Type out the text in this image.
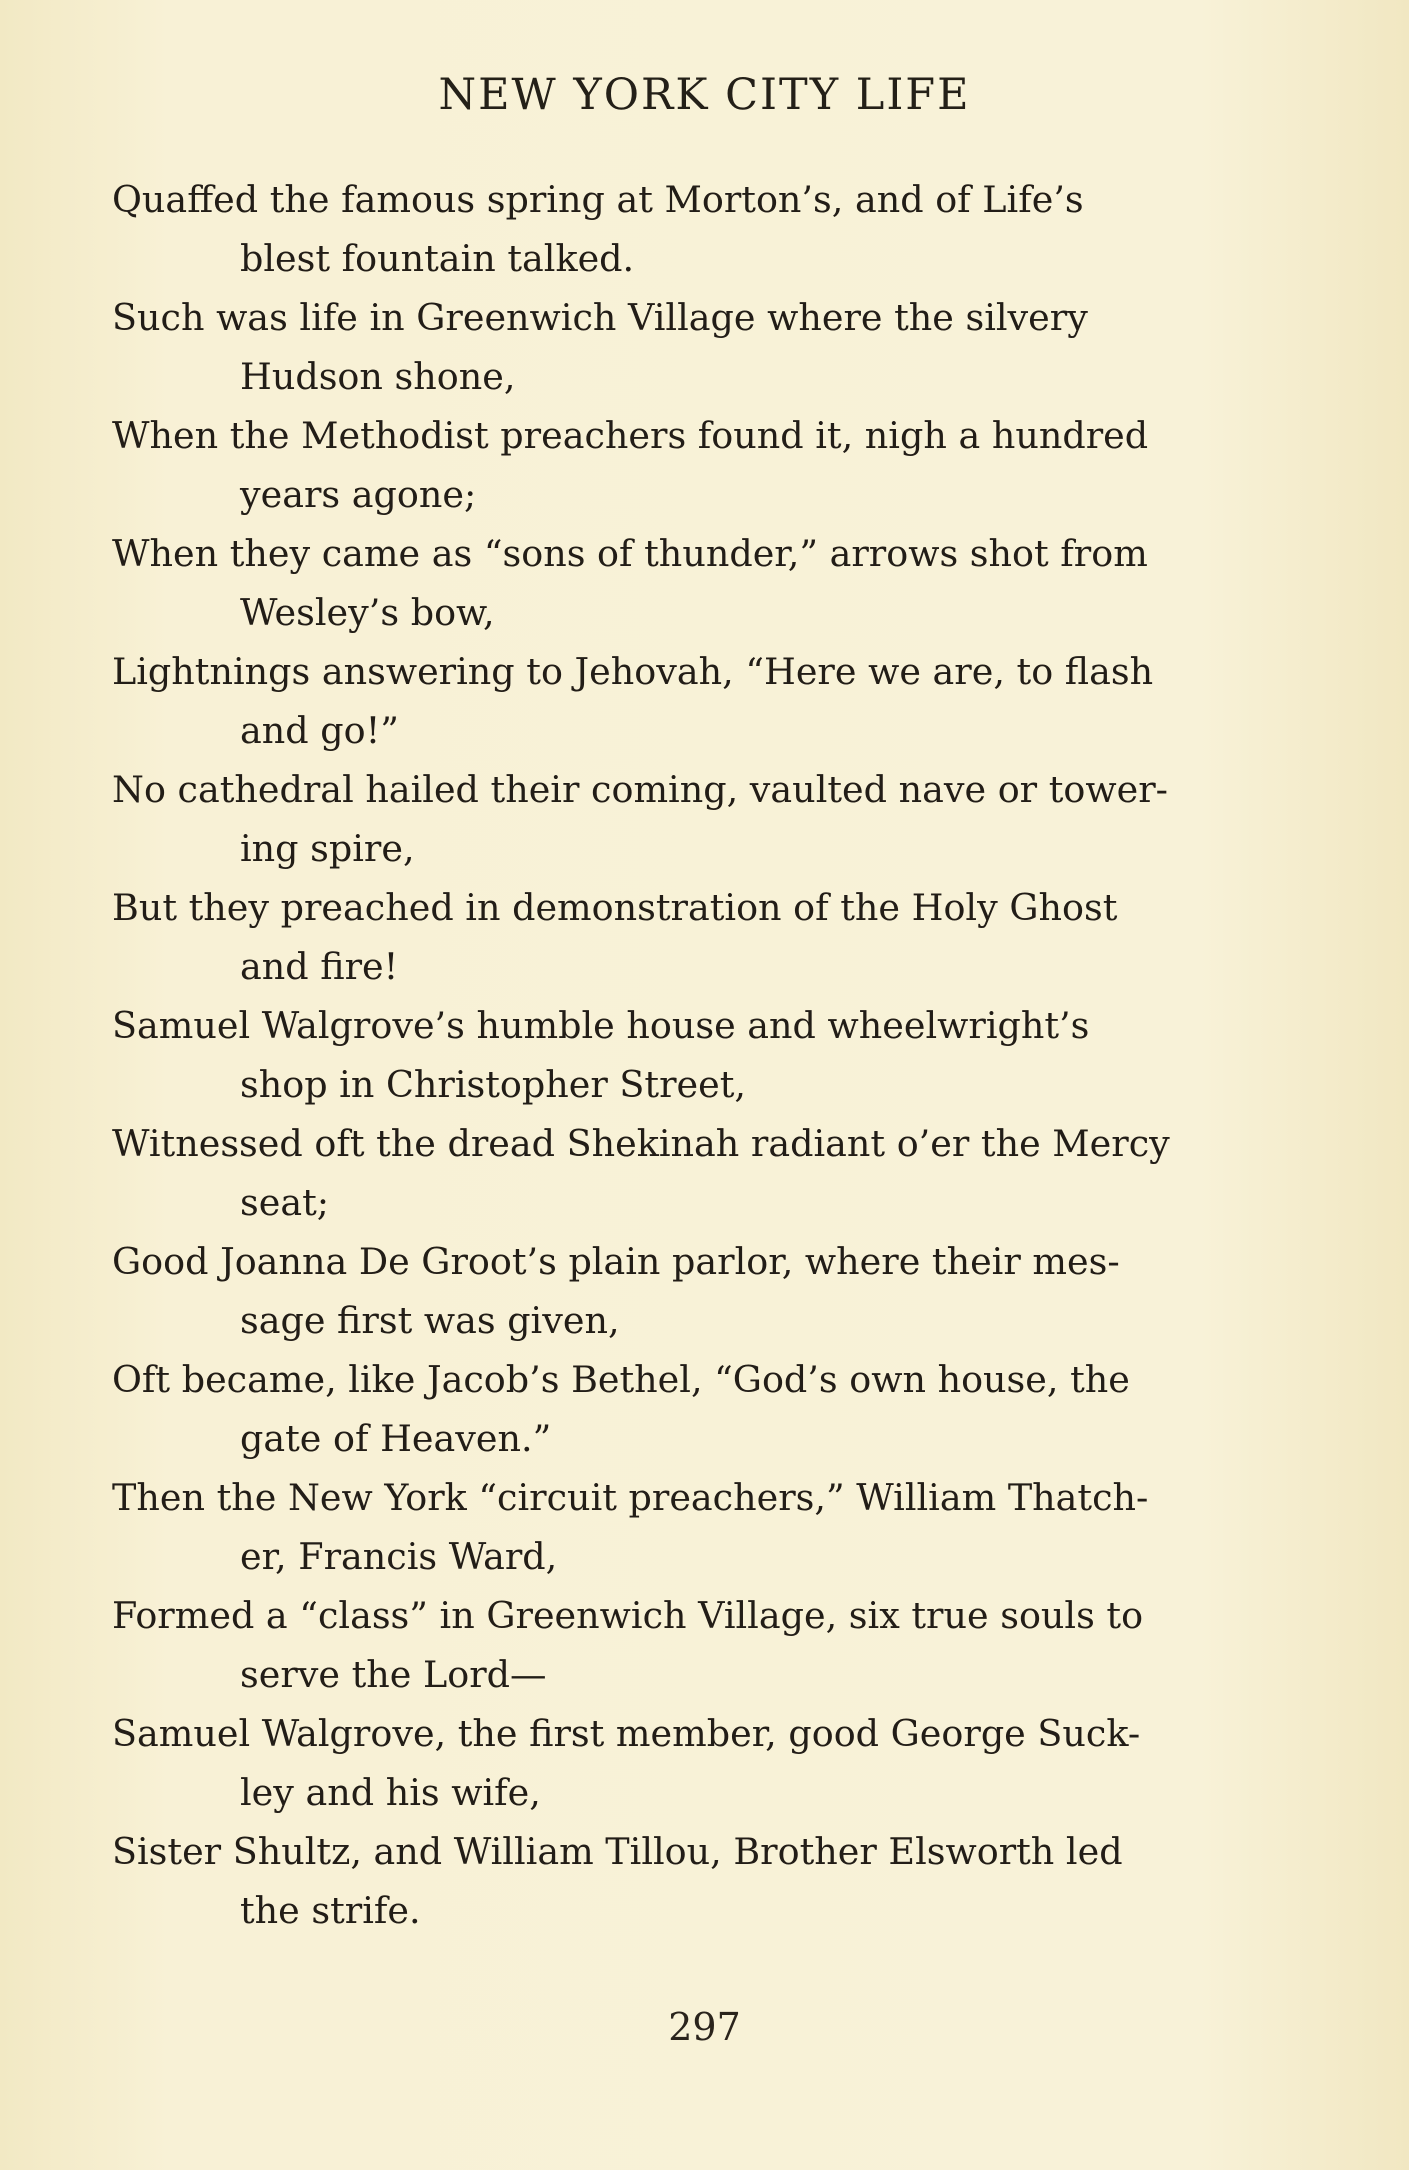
NEW YORK CITY LIFE
Quaffed the famous spring at Morton’s, and of Life’s
blest fountain talked.
Such was life in Greenwich Village where the silvery
Hudson shone,
When the Methodist preachers found it, nigh a hundred
years agone;
When they came as “sons of thunder,” arrows shot from
Wesley’s bow,
Lightnings answering to Jehovah, “Here we are, to flash
and go!”
No cathedral hailed their coming, vaulted nave or tower-
ing spire,
But they preached in demonstration of the Holy Ghost
and fire!
Samuel Walgrove’s humble house and wheelwright’s
shop in Christopher Street,
Witnessed oft the dread Shekinah radiant o’er the Mercy
seat;
Good Joanna De Groot’s plain parlor, where their mes-
sage first was given,
Oft became, like Jacob’s Bethel, “God’s own house, the
gate of Heaven.”
Then the New York “circuit preachers,” William Thatch-
er, Francis Ward,
Formed a “class” in Greenwich Village, six true souls to
serve the Lord—
Samuel Walgrove, the first member, good George Suck-
ley and his wife,
Sister Shultz, and William Tillou, Brother Elsworth led
the strife.
297
